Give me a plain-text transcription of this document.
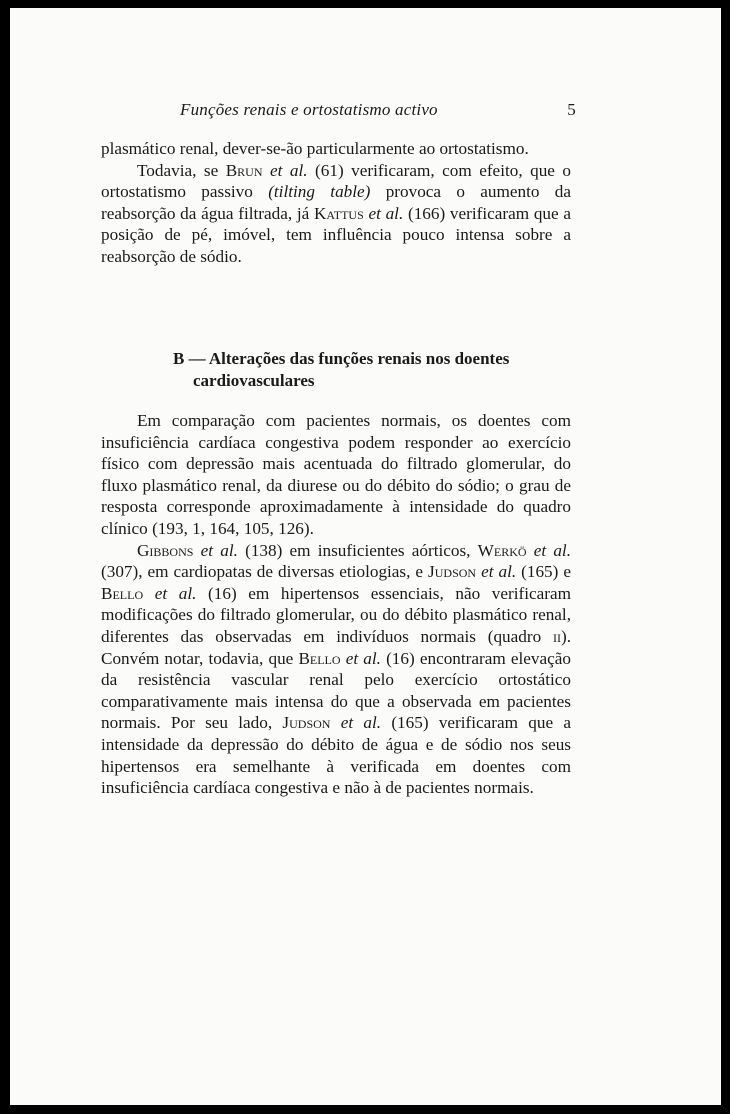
Funções renais e ortostatismo activo	5

plasmático renal, dever-se-ão particularmente ao ortostatismo.

Todavia, se Brun et al. (61) verificaram, com efeito, que o ortostatismo passivo (tilting table) provoca o aumento da reabsorção da água filtrada, já Kattus et al. (166) verificaram que a posição de pé, imóvel, tem influência pouco intensa sobre a reabsorção de sódio.

B — Alterações das funções renais nos doentes
cardiovasculares

Em comparação com pacientes normais, os doentes com insuficiência cardíaca congestiva podem responder ao exercício físico com depressão mais acentuada do filtrado glomerular, do fluxo plasmático renal, da diurese ou do débito do sódio; o grau de resposta corresponde aproximadamente à intensidade do quadro clínico (193, 1, 164, 105, 126).

Gibbons et al. (138) em insuficientes aórticos, Werkö et al. (307), em cardiopatas de diversas etiologias, e Judson et al. (165) e Bello et al. (16) em hipertensos essenciais, não verificaram modificações do filtrado glomerular, ou do débito plasmático renal, diferentes das observadas em indivíduos normais (quadro ii). Convém notar, todavia, que Bello et al. (16) encontraram elevação da resistência vascular renal pelo exercício ortostático comparativamente mais intensa do que a observada em pacientes normais. Por seu lado, Judson et al. (165) verificaram que a intensidade da depressão do débito de água e de sódio nos seus hipertensos era semelhante à verificada em doentes com insuficiência cardíaca congestiva e não à de pacientes normais.
